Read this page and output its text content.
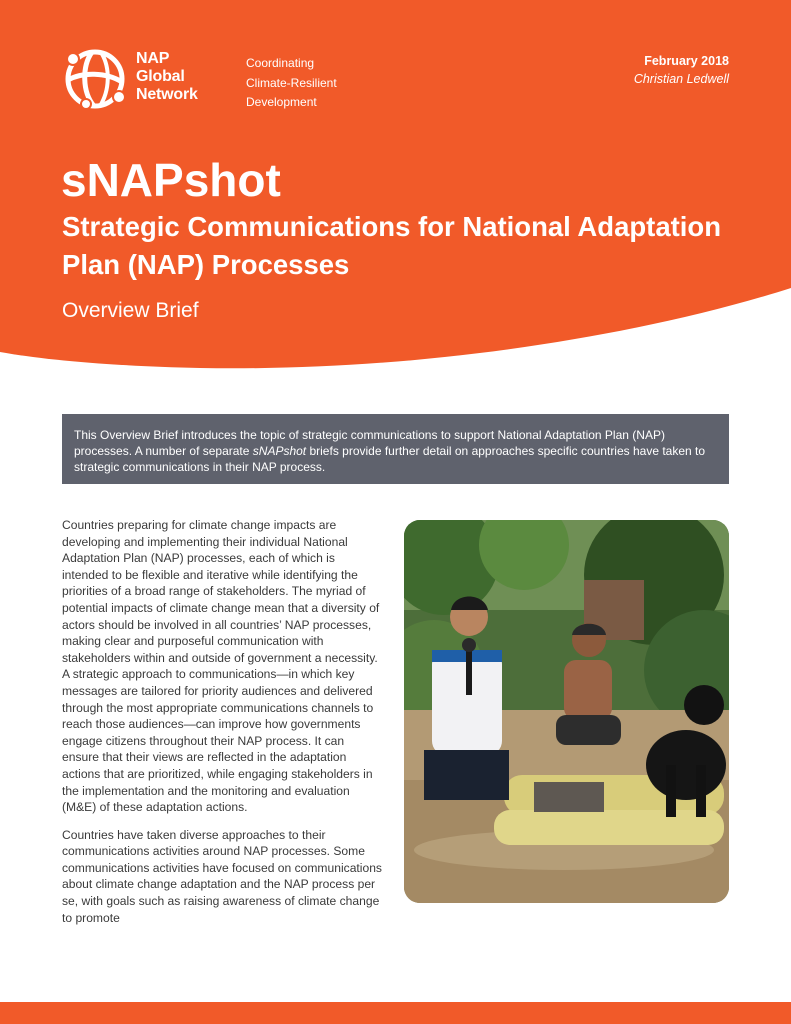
NAP
Global
Network
Coordinating
Climate-Resilient
Development
February 2018
Christian Ledwell
sNAPshot
Strategic Communications for National Adaptation Plan (NAP) Processes
Overview Brief
This Overview Brief introduces the topic of strategic communications to support National Adaptation Plan (NAP) processes. A number of separate sNAPshot briefs provide further detail on approaches specific countries have taken to strategic communications in their NAP process.

Countries preparing for climate change impacts are developing and implementing their individual National Adaptation Plan (NAP) processes, each of which is intended to be flexible and iterative while identifying the priorities of a broad range of stakeholders. The myriad of potential impacts of climate change mean that a diversity of actors should be involved in all countries’ NAP processes, making clear and purposeful communication with stakeholders within and outside of government a necessity. A strategic approach to communications—in which key messages are tailored for priority audiences and delivered through the most appropriate communications channels to reach those audiences—can improve how governments engage citizens throughout their NAP process. It can ensure that their views are reflected in the adaptation actions that are prioritized, while engaging stakeholders in the implementation and the monitoring and evaluation (M&E) of these adaptation actions.

Countries have taken diverse approaches to their communications activities around NAP processes. Some communications activities have focused on communications about climate change adaptation and the NAP process per se, with goals such as raising awareness of climate change to promote
